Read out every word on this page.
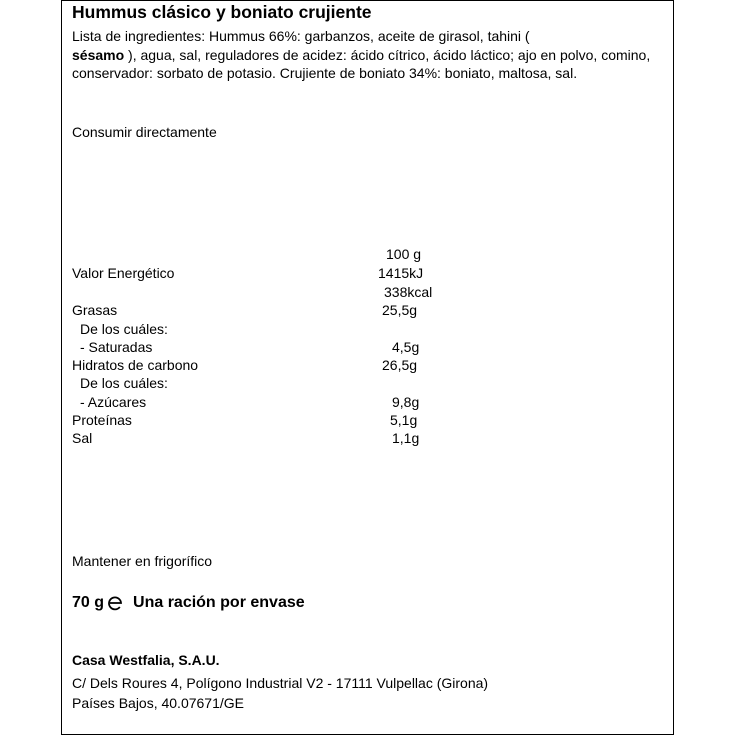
Hummus clásico y boniato crujiente
Lista de ingredientes: Hummus 66%: garbanzos, aceite de girasol, tahini (
sésamo ), agua, sal, reguladores de acidez: ácido cítrico, ácido láctico; ajo en polvo, comino, conservador: sorbato de potasio. Crujiente de boniato 34%: boniato, maltosa, sal.
Consumir directamente
100 g
Valor Energético	1415kJ
338kcal
Grasas	25,5g
De los cuáles:
- Saturadas	4,5g
Hidratos de carbono	26,5g
De los cuáles:
- Azúcares	9,8g
Proteínas	5,1g
Sal	1,1g
Mantener en frigorífico
70 g Una ración por envase
Casa Westfalia, S.A.U.
C/ Dels Roures 4, Polígono Industrial V2 - 17111 Vulpellac (Girona)
Países Bajos, 40.07671/GE
